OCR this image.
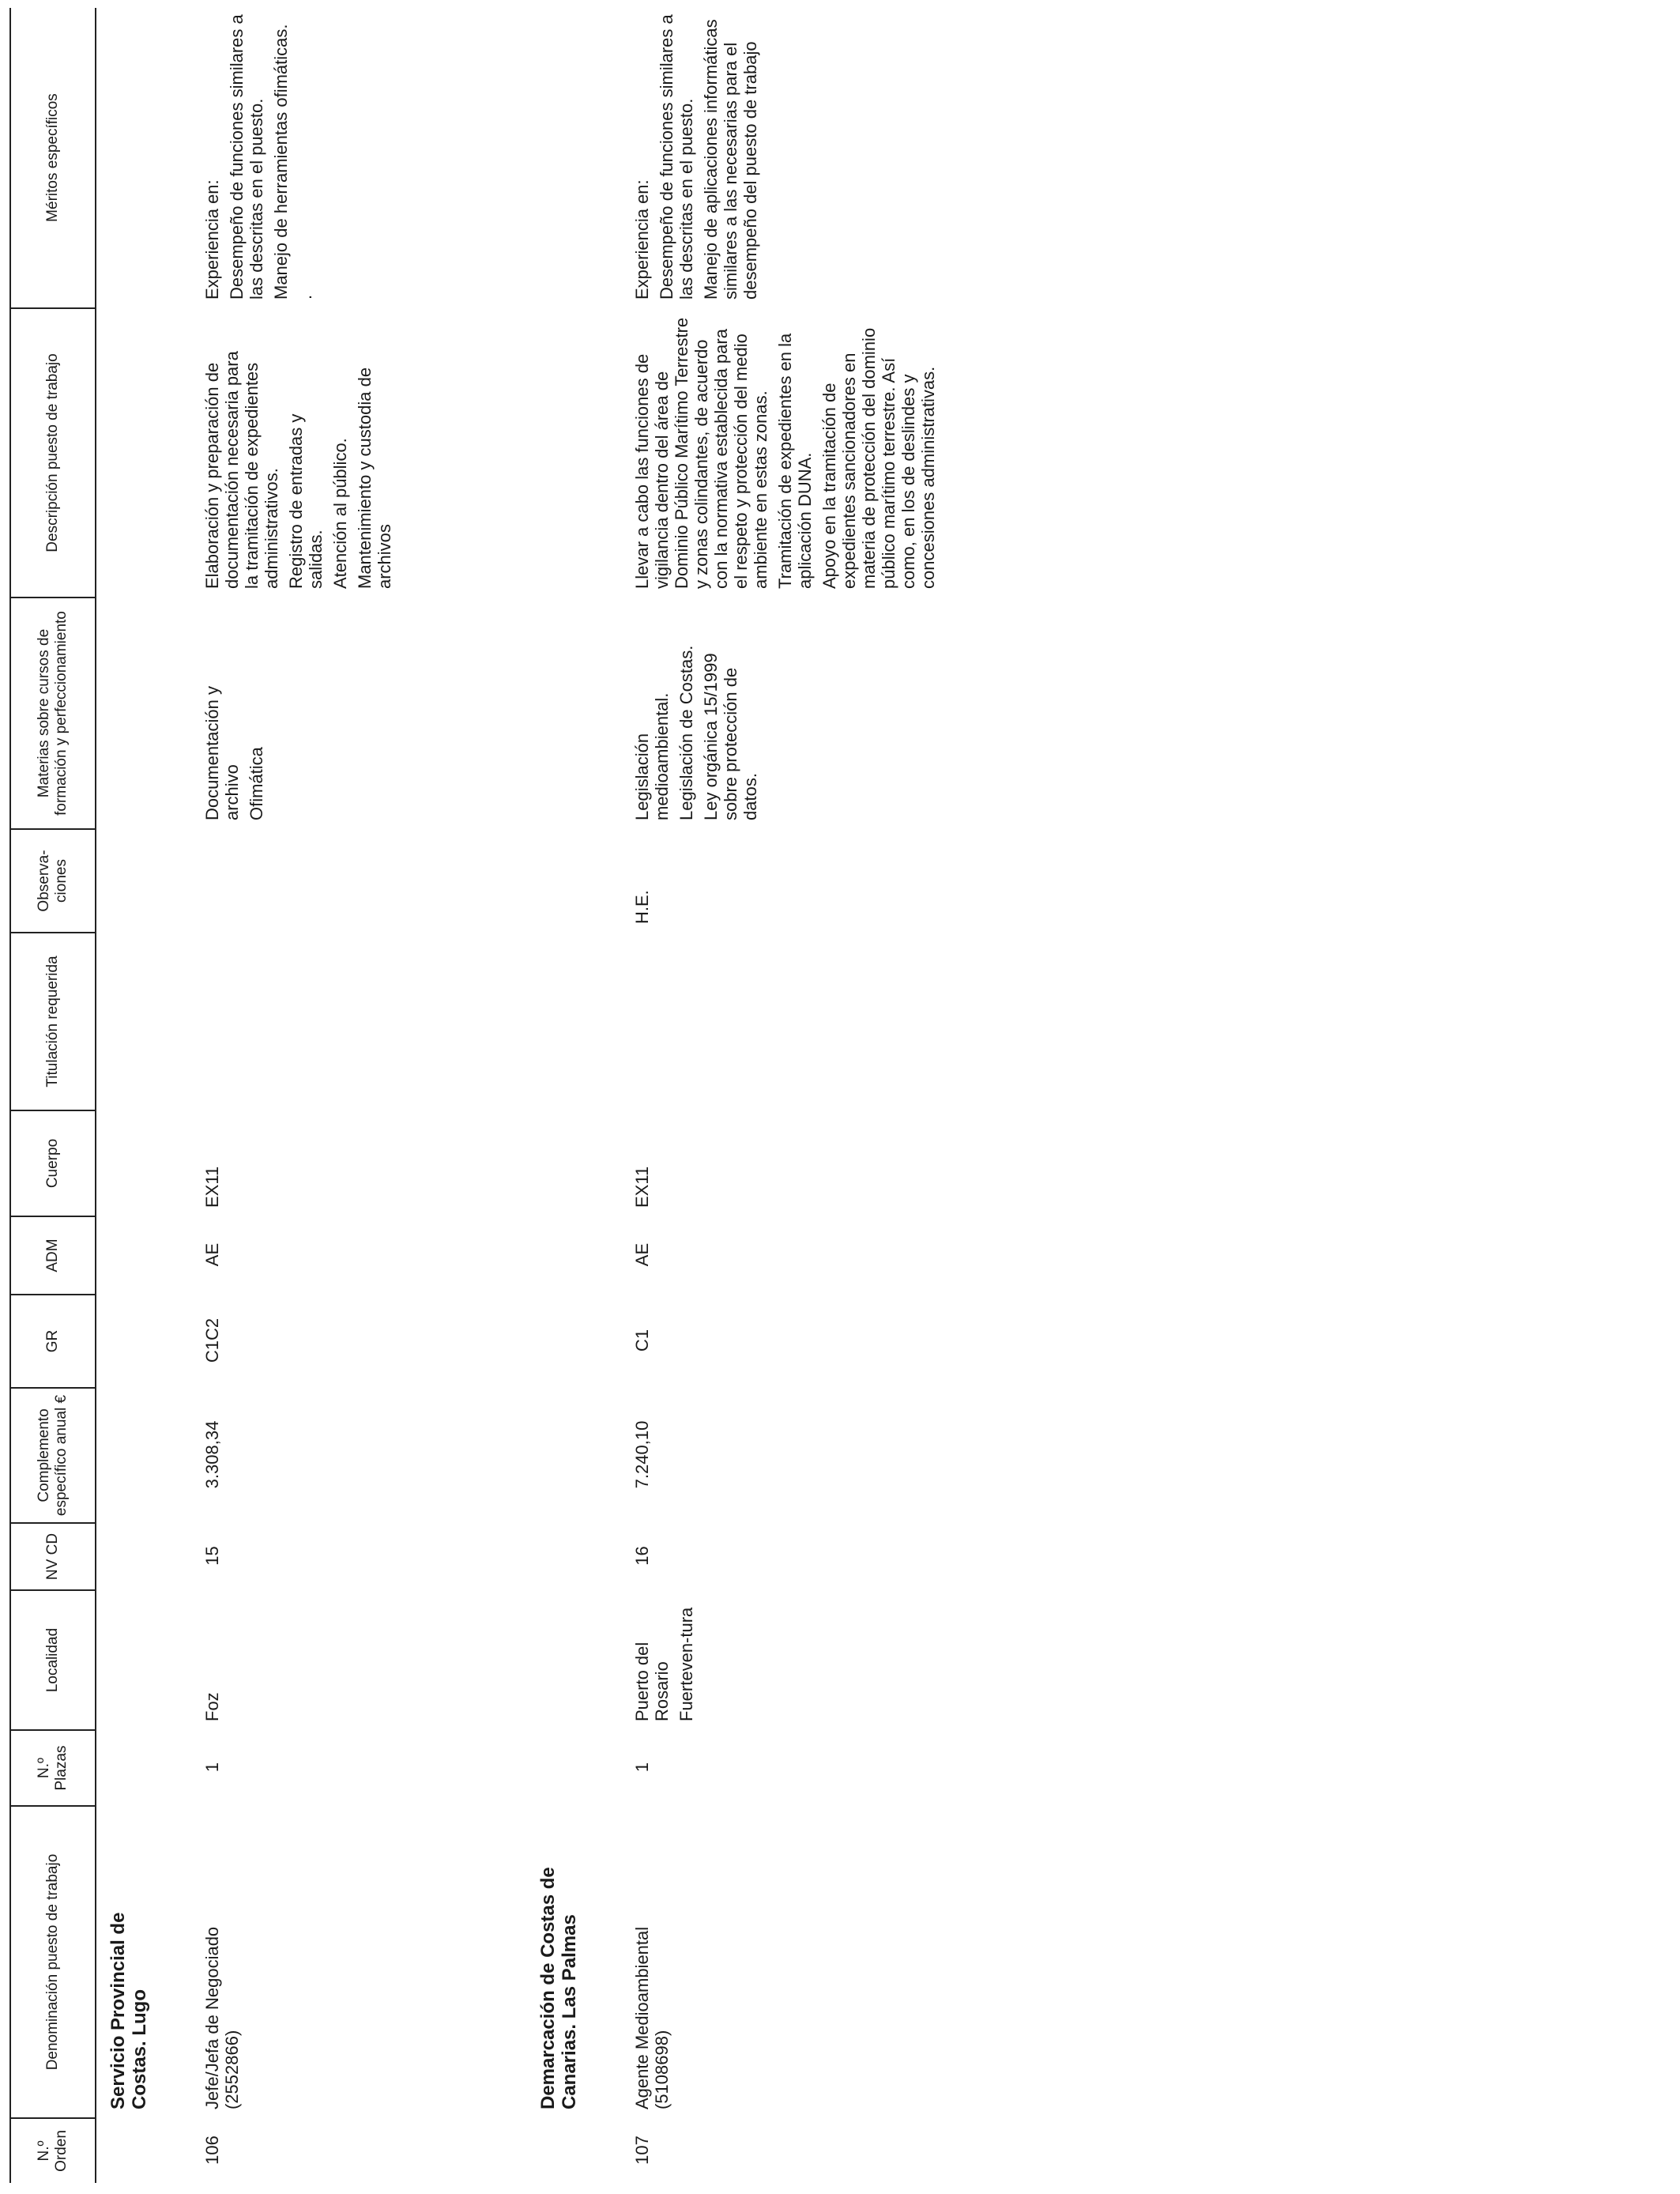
N.º Orden
Denominación puesto de trabajo
N.º Plazas
Localidad
NV CD
Complemento específico anual €
GR
ADM
Cuerpo
Titulación requerida
Observa-ciones
Materias sobre cursos de formación y perfeccionamiento
Descripción puesto de trabajo
Méritos específicos
Servicio Provincial de Costas. Lugo
106
Jefe/Jefa de Negociado (2552866)
1
Foz
15
3.308,34
C1C2
AE
EX11

Documentación y archivo Ofimática

Elaboración y preparación de documentación necesaria para la tramitación de expedientes administrativos. Registro de entradas y salidas. Atención al público. Mantenimiento y custodia de archivos

Experiencia en: Desempeño de funciones similares a las descritas en el puesto. Manejo de herramientas ofimáticas. .

Demarcación de Costas de Canarias. Las Palmas
107
Agente Medioambiental (5108698)
1

Puerto del Rosario Fuerteven-tura

16
7.240,10
C1
AE
EX11
H.E.

Legislación medioambiental. Legislación de Costas. Ley orgánica 15/1999 sobre protección de datos.

Llevar a cabo las funciones de vigilancia dentro del área de Dominio Público Marítimo Terrestre y zonas colindantes, de acuerdo con la normativa establecida para el respeto y protección del medio ambiente en estas zonas. Tramitación de expedientes en la aplicación DUNA. Apoyo en la tramitación de expedientes sancionadores en materia de protección del dominio público marítimo terrestre. Así como, en los de deslindes y concesiones administrativas.

Experiencia en: Desempeño de funciones similares a las descritas en el puesto. Manejo de aplicaciones informáticas similares a las necesarias para el desempeño del puesto de trabajo
